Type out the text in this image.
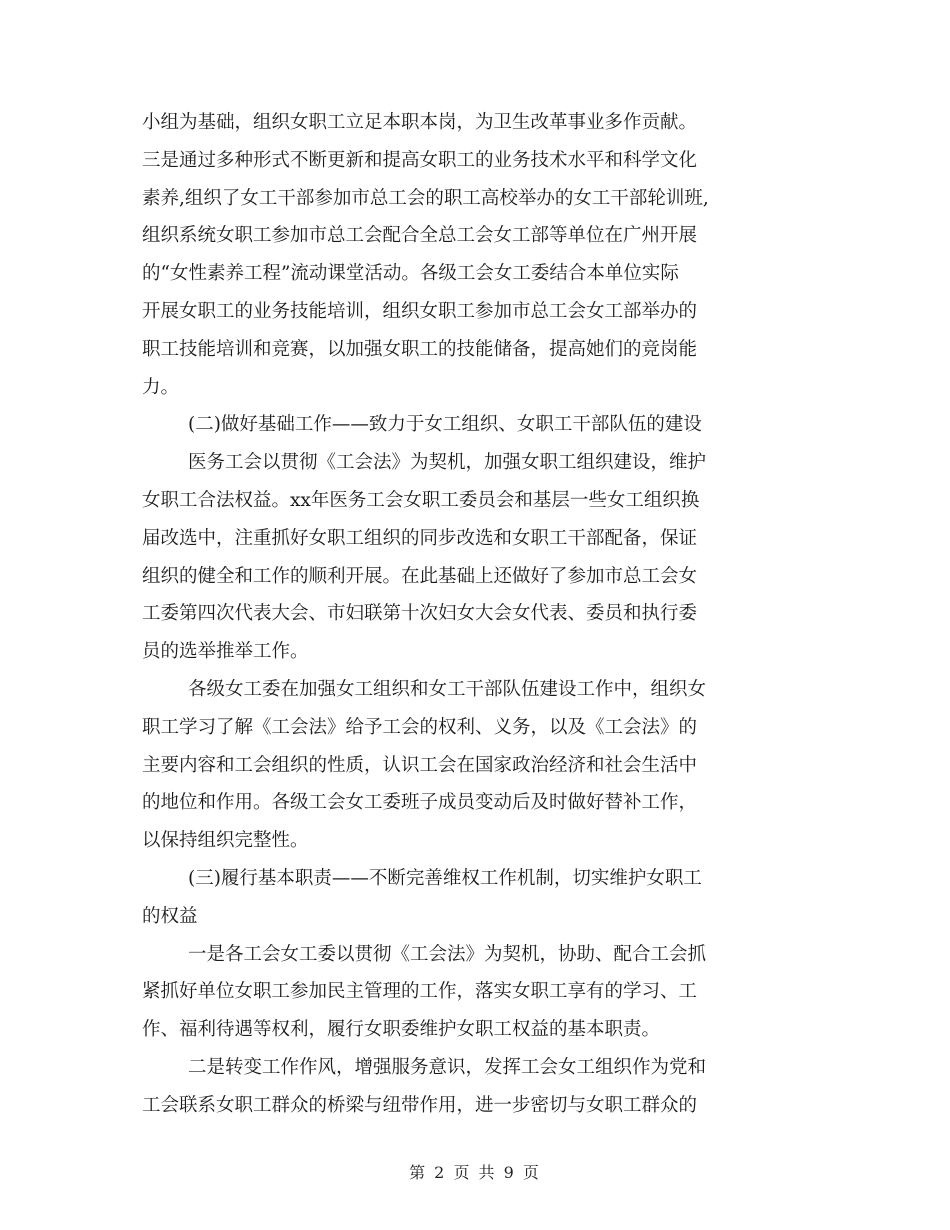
小组为基础，组织女职工立足本职本岗，为卫生改革事业多作贡献。
三是通过多种形式不断更新和提高女职工的业务技术水平和科学文化
素养,组织了女工干部参加市总工会的职工高校举办的女工干部轮训班,
组织系统女职工参加市总工会配合全总工会女工部等单位在广州开展
的“女性素养工程”流动课堂活动。各级工会女工委结合本单位实际
开展女职工的业务技能培训，组织女职工参加市总工会女工部举办的
职工技能培训和竞赛，以加强女职工的技能储备，提高她们的竞岗能
力。
(二)做好基础工作——致力于女工组织、女职工干部队伍的建设
医务工会以贯彻《工会法》为契机，加强女职工组织建设，维护
女职工合法权益。xx年医务工会女职工委员会和基层一些女工组织换
届改选中，注重抓好女职工组织的同步改选和女职工干部配备，保证
组织的健全和工作的顺利开展。在此基础上还做好了参加市总工会女
工委第四次代表大会、市妇联第十次妇女大会女代表、委员和执行委
员的选举推举工作。
各级女工委在加强女工组织和女工干部队伍建设工作中，组织女
职工学习了解《工会法》给予工会的权利、义务，以及《工会法》的
主要内容和工会组织的性质，认识工会在国家政治经济和社会生活中
的地位和作用。各级工会女工委班子成员变动后及时做好替补工作，
以保持组织完整性。
(三)履行基本职责——不断完善维权工作机制，切实维护女职工
的权益
一是各工会女工委以贯彻《工会法》为契机，协助、配合工会抓
紧抓好单位女职工参加民主管理的工作，落实女职工享有的学习、工
作、福利待遇等权利，履行女职委维护女职工权益的基本职责。
二是转变工作作风，增强服务意识，发挥工会女工组织作为党和
工会联系女职工群众的桥梁与纽带作用，进一步密切与女职工群众的
第 2 页 共 9 页
